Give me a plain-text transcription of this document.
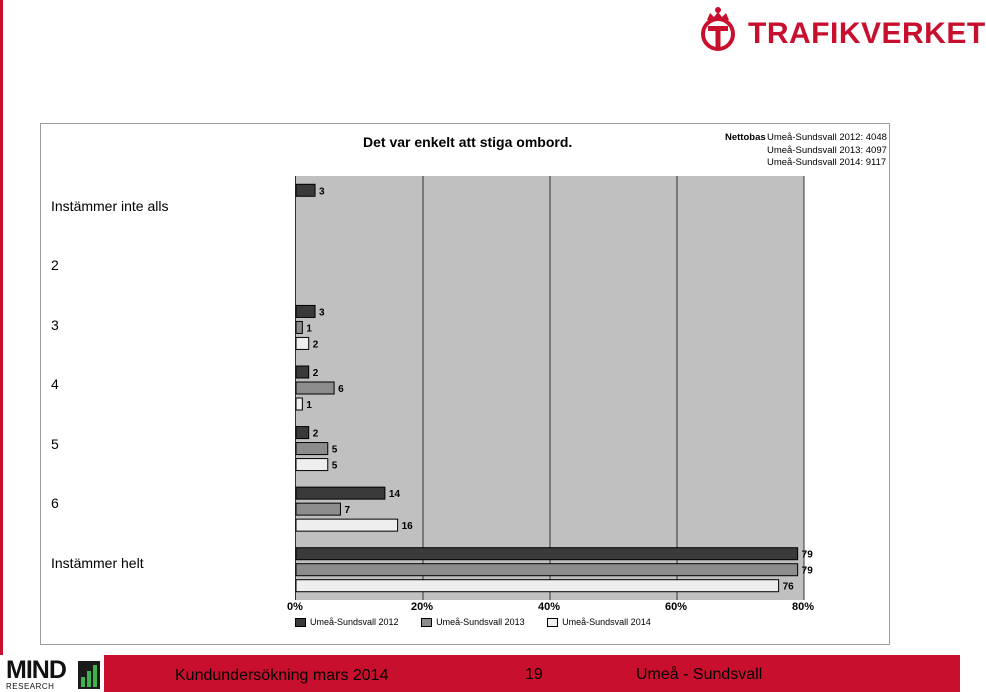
TRAFIKVERKET
Det var enkelt att stiga ombord.	NettobasUmeå-Sundsvall 2012: 4048
Umeå-Sundsvall 2013: 4097
Umeå-Sundsvall 2014: 9117
Instämmer inte alls
2
3
4
5
6
Instämmer helt
3
3
1
2
2
6
1
2
5
5
14
7
16
79
79
76
0%	20%	40%	60%	80%
Umeå-Sundsvall 2012
	Umeå-Sundsvall 2013
	Umeå-Sundsvall 2014
MIND
RESEARCH
Kundundersökning mars 2014	19	Umeå - Sundsvall
